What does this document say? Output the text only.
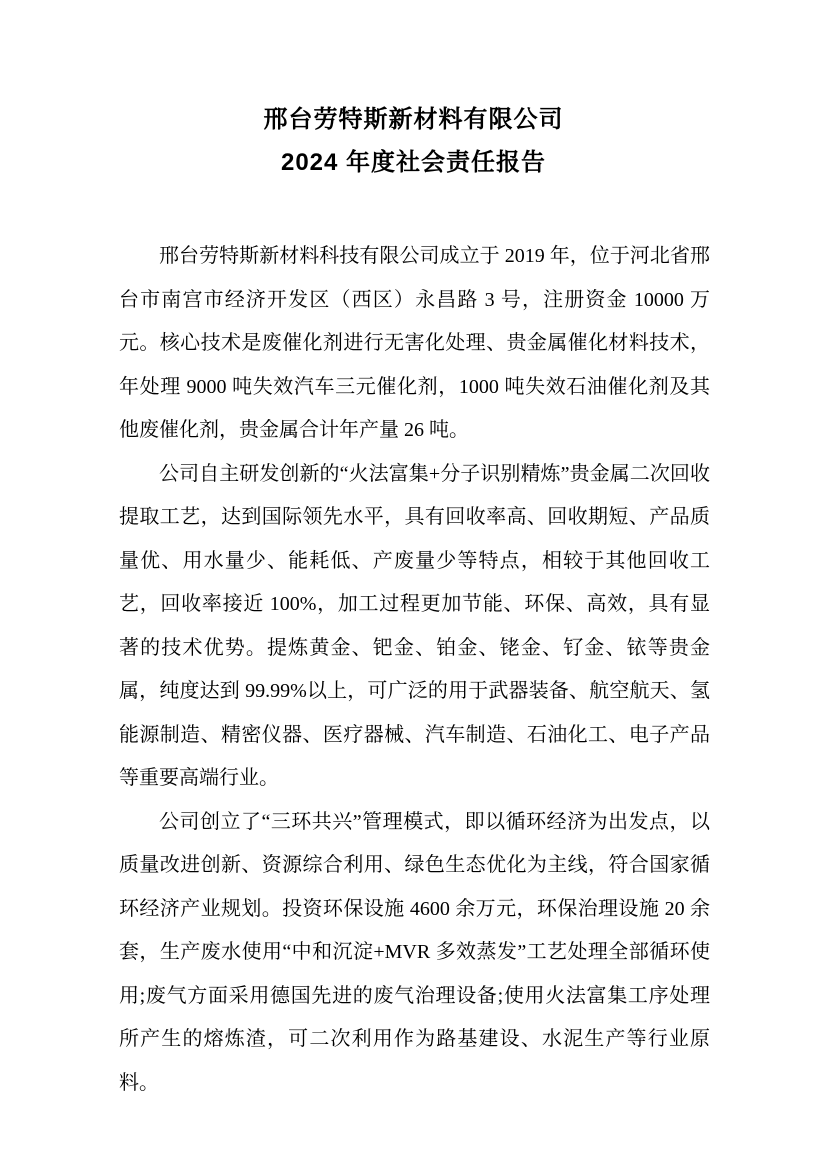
邢台劳特斯新材料有限公司
2024 年度社会责任报告

邢台劳特斯新材料科技有限公司成立于 2019 年，位于河北省邢台市南宫市经济开发区（西区）永昌路 3 号，注册资金 10000 万元。核心技术是废催化剂进行无害化处理、贵金属催化材料技术，年处理 9000 吨失效汽车三元催化剂，1000 吨失效石油催化剂及其他废催化剂，贵金属合计年产量 26 吨。

公司自主研发创新的“火法富集+分子识别精炼”贵金属二次回收提取工艺，达到国际领先水平，具有回收率高、回收期短、产品质量优、用水量少、能耗低、产废量少等特点，相较于其他回收工艺，回收率接近 100%，加工过程更加节能、环保、高效，具有显著的技术优势。提炼黄金、钯金、铂金、铑金、钌金、铱等贵金属，纯度达到 99.99%以上，可广泛的用于武器装备、航空航天、氢能源制造、精密仪器、医疗器械、汽车制造、石油化工、电子产品等重要高端行业。

公司创立了“三环共兴”管理模式，即以循环经济为出发点，以质量改进创新、资源综合利用、绿色生态优化为主线，符合国家循环经济产业规划。投资环保设施 4600 余万元，环保治理设施 20 余套，生产废水使用“中和沉淀+MVR 多效蒸发”工艺处理全部循环使用;废气方面采用德国先进的废气治理设备;使用火法富集工序处理所产生的熔炼渣，可二次利用作为路基建设、水泥生产等行业原料。
